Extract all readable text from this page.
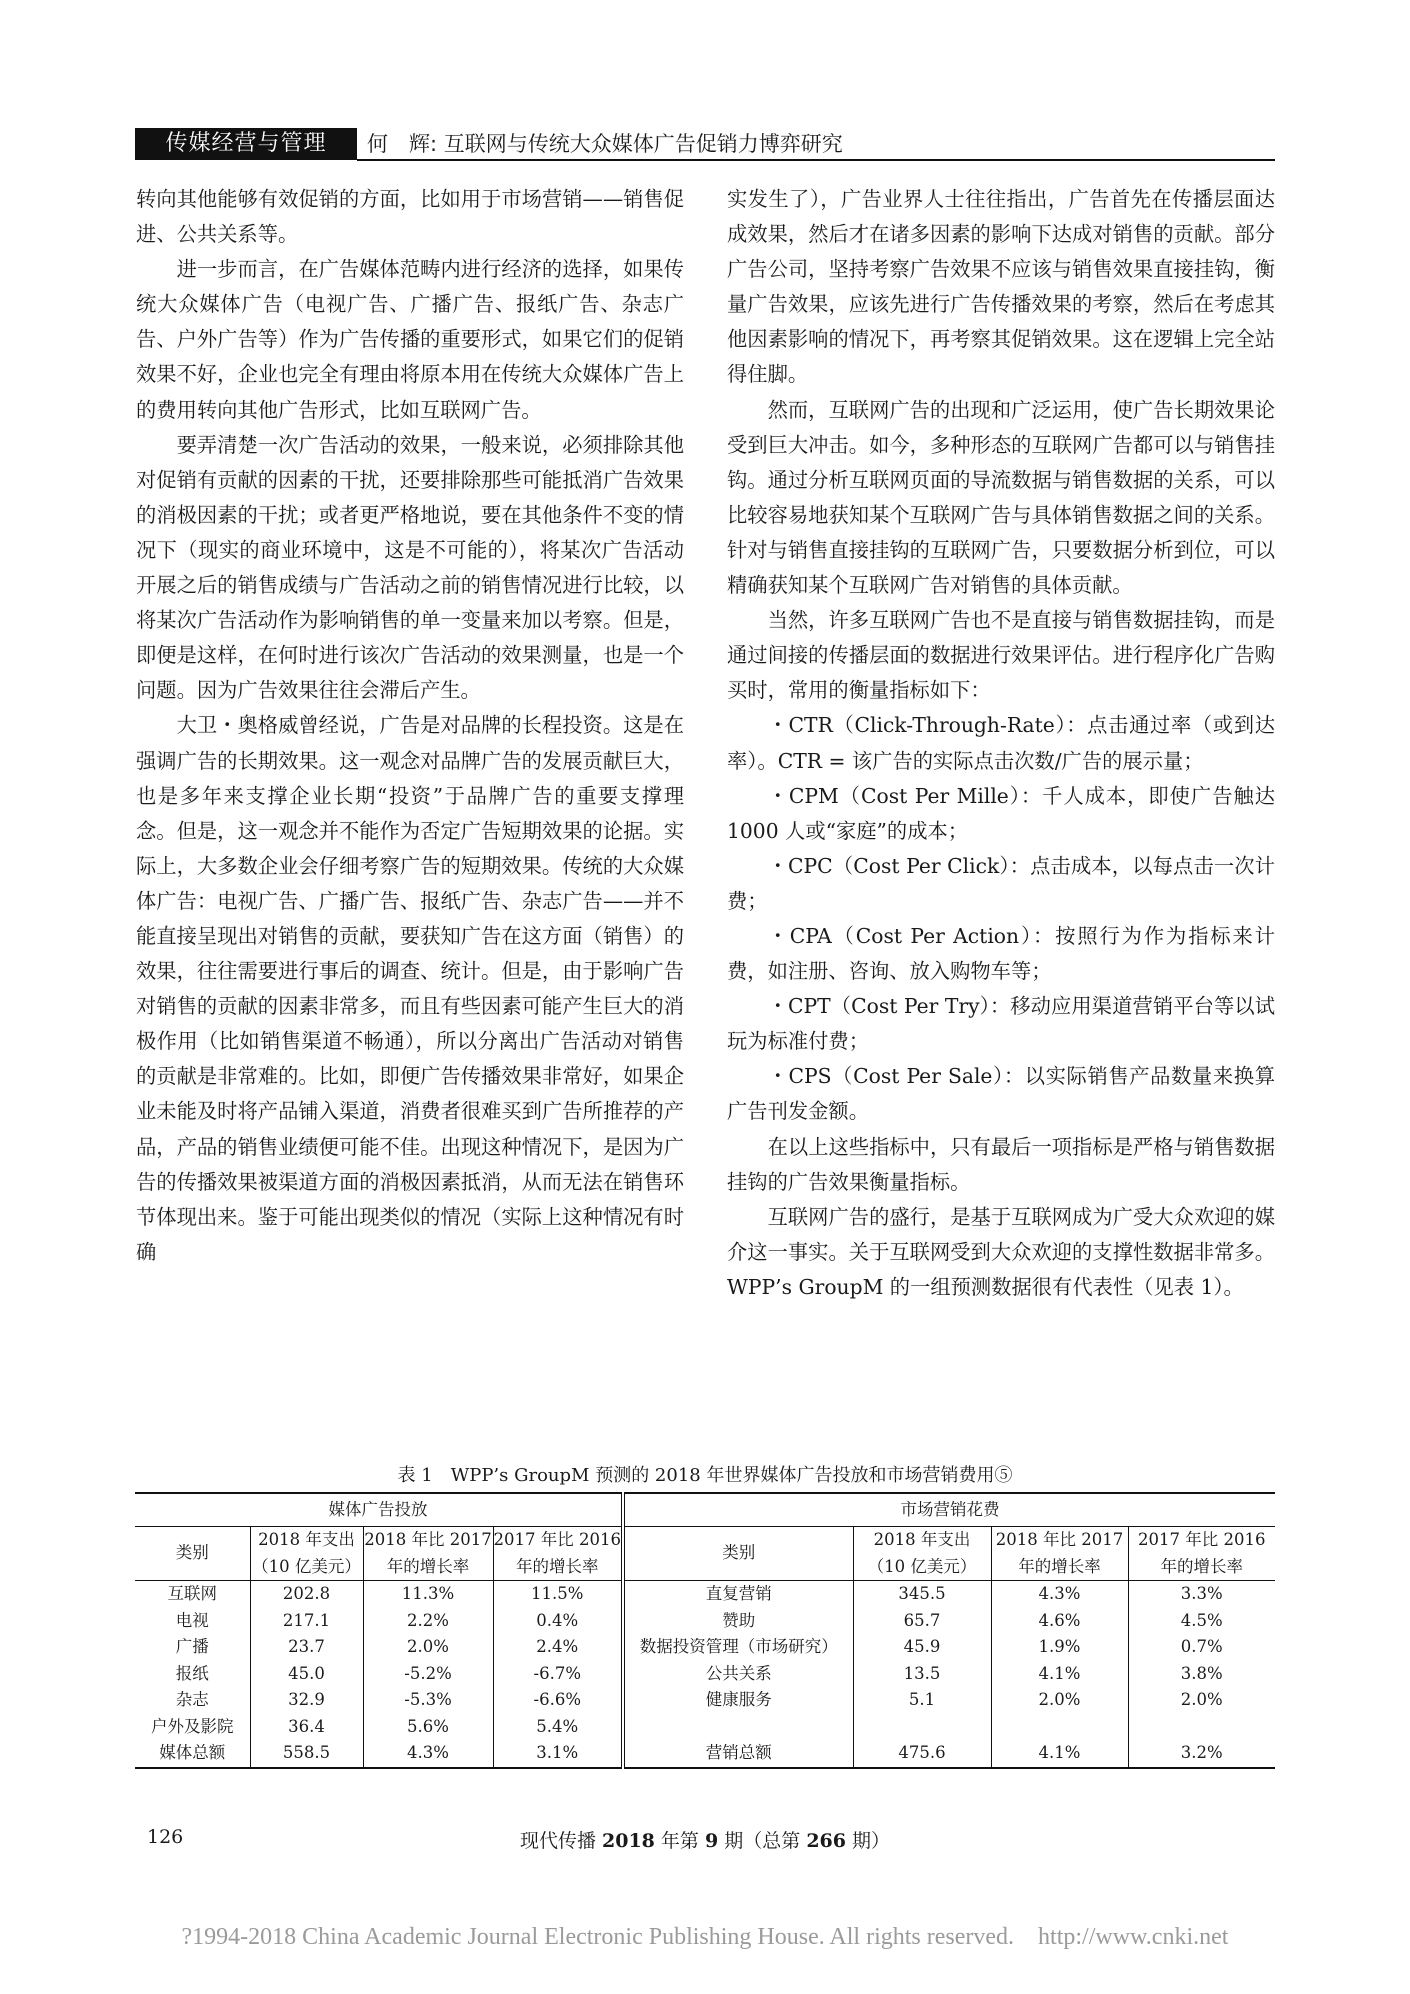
传媒经营与管理	何　辉: 互联网与传统大众媒体广告促销力博弈研究

转向其他能够有效促销的方面，比如用于市场营销——销售促进、公共关系等。

进一步而言，在广告媒体范畴内进行经济的选择，如果传统大众媒体广告（电视广告、广播广告、报纸广告、杂志广告、户外广告等）作为广告传播的重要形式，如果它们的促销效果不好，企业也完全有理由将原本用在传统大众媒体广告上的费用转向其他广告形式，比如互联网广告。

要弄清楚一次广告活动的效果，一般来说，必须排除其他对促销有贡献的因素的干扰，还要排除那些可能抵消广告效果的消极因素的干扰；或者更严格地说，要在其他条件不变的情况下（现实的商业环境中，这是不可能的），将某次广告活动开展之后的销售成绩与广告活动之前的销售情况进行比较，以将某次广告活动作为影响销售的单一变量来加以考察。但是，即便是这样，在何时进行该次广告活动的效果测量，也是一个问题。因为广告效果往往会滞后产生。

大卫・奥格威曾经说，广告是对品牌的长程投资。这是在强调广告的长期效果。这一观念对品牌广告的发展贡献巨大，也是多年来支撑企业长期“投资”于品牌广告的重要支撑理念。但是，这一观念并不能作为否定广告短期效果的论据。实际上，大多数企业会仔细考察广告的短期效果。传统的大众媒体广告：电视广告、广播广告、报纸广告、杂志广告——并不能直接呈现出对销售的贡献，要获知广告在这方面（销售）的效果，往往需要进行事后的调查、统计。但是，由于影响广告对销售的贡献的因素非常多，而且有些因素可能产生巨大的消极作用（比如销售渠道不畅通），所以分离出广告活动对销售的贡献是非常难的。比如，即便广告传播效果非常好，如果企业未能及时将产品铺入渠道，消费者很难买到广告所推荐的产品，产品的销售业绩便可能不佳。出现这种情况下，是因为广告的传播效果被渠道方面的消极因素抵消，从而无法在销售环节体现出来。鉴于可能出现类似的情况（实际上这种情况有时确

实发生了），广告业界人士往往指出，广告首先在传播层面达成效果，然后才在诸多因素的影响下达成对销售的贡献。部分广告公司，坚持考察广告效果不应该与销售效果直接挂钩，衡量广告效果，应该先进行广告传播效果的考察，然后在考虑其他因素影响的情况下，再考察其促销效果。这在逻辑上完全站得住脚。

然而，互联网广告的出现和广泛运用，使广告长期效果论受到巨大冲击。如今，多种形态的互联网广告都可以与销售挂钩。通过分析互联网页面的导流数据与销售数据的关系，可以比较容易地获知某个互联网广告与具体销售数据之间的关系。针对与销售直接挂钩的互联网广告，只要数据分析到位，可以精确获知某个互联网广告对销售的具体贡献。

当然，许多互联网广告也不是直接与销售数据挂钩，而是通过间接的传播层面的数据进行效果评估。进行程序化广告购买时，常用的衡量指标如下：

・CTR（Click-Through-Rate）：点击通过率（或到达率）。CTR = 该广告的实际点击次数/广告的展示量；

・CPM（Cost Per Mille）：千人成本，即使广告触达1000 人或“家庭”的成本；

・CPC（Cost Per Click）：点击成本，以每点击一次计费；

・CPA（Cost Per Action）：按照行为作为指标来计费，如注册、咨询、放入购物车等；

・CPT（Cost Per Try）：移动应用渠道营销平台等以试玩为标准付费；

・CPS（Cost Per Sale）：以实际销售产品数量来换算广告刊发金额。

在以上这些指标中，只有最后一项指标是严格与销售数据挂钩的广告效果衡量指标。

互联网广告的盛行，是基于互联网成为广受大众欢迎的媒介这一事实。关于互联网受到大众欢迎的支撑性数据非常多。WPP’s GroupM 的一组预测数据很有代表性（见表 1）。

表 1　WPP’s GroupM 预测的 2018 年世界媒体广告投放和市场营销费用⑤
媒体广告投放				市场营销花费			
类别	2018 年支出	2018 年比 2017	2017 年比 2016	类别	2018 年支出	2018 年比 2017	2017 年比 2016
	（10 亿美元）	年的增长率	年的增长率		（10 亿美元）	年的增长率	年的增长率
互联网	202.8	11.3%	11.5%	直复营销	345.5	4.3%	3.3%
电视	217.1	2.2%	0.4%	赞助	65.7	4.6%	4.5%
广播	23.7	2.0%	2.4%	数据投资管理（市场研究）	45.9	1.9%	0.7%
报纸	45.0	-5.2%	-6.7%	公共关系	13.5	4.1%	3.8%
杂志	32.9	-5.3%	-6.6%	健康服务	5.1	2.0%	2.0%
户外及影院	36.4	5.6%	5.4%				
媒体总额	558.5	4.3%	3.1%	营销总额	475.6	4.1%	3.2%
126	现代传播 2018 年第 9 期（总第 266 期）
?1994-2018 China Academic Journal Electronic Publishing House. All rights reserved.    http://www.cnki.net
